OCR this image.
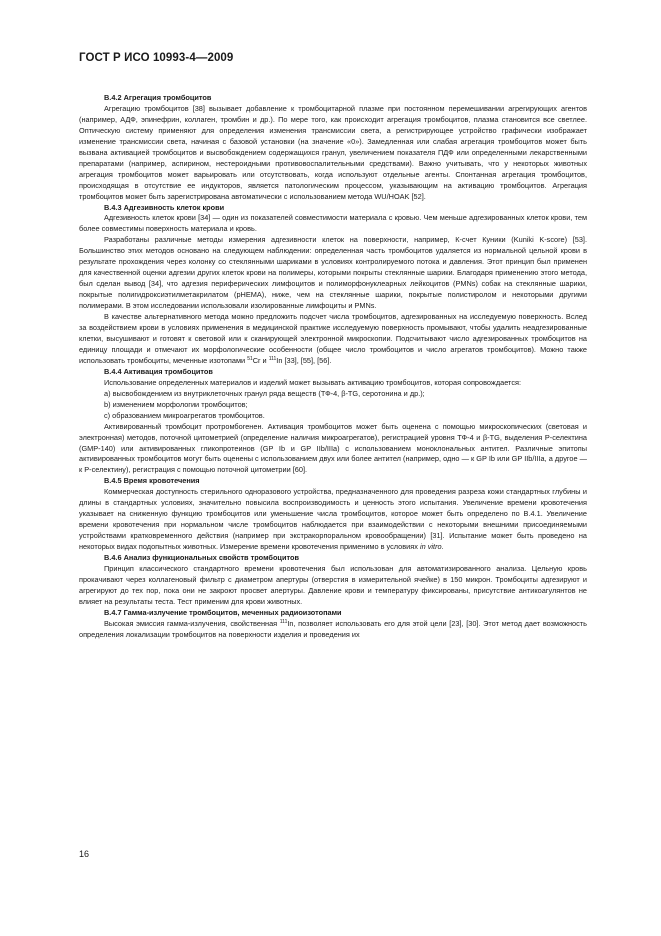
ГОСТ Р ИСО 10993-4—2009
В.4.2 Агрегация тромбоцитов

Агрегацию тромбоцитов [38] вызывает добавление к тромбоцитарной плазме при постоянном перемешивании агрегирующих агентов (например, АДФ, эпинефрин, коллаген, тромбин и др.). По мере того, как происходит агрегация тромбоцитов, плазма становится все светлее. Оптическую систему применяют для определения изменения трансмиссии света, а регистрирующее устройство графически изображает изменение трансмиссии света, начиная с базовой установки (на значение «0»). Замедленная или слабая агрегация тромбоцитов может быть вызвана активацией тромбоцитов и высвобождением содержащихся гранул, увеличением показателя ПДФ или определенными лекарственными препаратами (например, аспирином, нестероидными противовоспалительными средствами). Важно учитывать, что у некоторых животных агрегация тромбоцитов может варьировать или отсутствовать, когда используют отдельные агенты. Спонтанная агрегация тромбоцитов, происходящая в отсутствие ее индукторов, является патологическим процессом, указывающим на активацию тромбоцитов. Агрегация тромбоцитов может быть зарегистрирована автоматически с использованием метода WU/HOAK [52].

В.4.3 Адгезивность клеток крови

Адгезивность клеток крови [34] — один из показателей совместимости материала с кровью. Чем меньше адгезированных клеток крови, тем более совместимы поверхность материала и кровь.

Разработаны различные методы измерения адгезивности клеток на поверхности, например, К-счет Куники (Kuniki K-score) [53]. Большинство этих методов основано на следующем наблюдении: определенная часть тромбоцитов удаляется из нормальной цельной крови в результате прохождения через колонку со стеклянными шариками в условиях контролируемого потока и давления. Этот принцип был применен для качественной оценки адгезии других клеток крови на полимеры, которыми покрыты стеклянные шарики. Благодаря применению этого метода, был сделан вывод [34], что адгезия периферических лимфоцитов и полиморфонуклеарных лейкоцитов (PMNs) собак на стеклянные шарики, покрытые полигидроксиэтилметакрилатом (pHEMA), ниже, чем на стеклянные шарики, покрытые полистиролом и некоторыми другими полимерами. В этом исследовании использовали изолированные лимфоциты и PMNs.

В качестве альтернативного метода можно предложить подсчет числа тромбоцитов, адгезированных на исследуемую поверхность. Вслед за воздействием крови в условиях применения в медицинской практике исследуемую поверхность промывают, чтобы удалить неадгезированные клетки, высушивают и готовят к световой или к сканирующей электронной микроскопии. Подсчитывают число адгезированных тромбоцитов на единицу площади и отмечают их морфологические особенности (общее число тромбоцитов и число агрегатов тромбоцитов). Можно также использовать тромбоциты, меченные изотопами $^{51}$Cr и $^{111}$In [33], [55], [56].

В.4.4 Активация тромбоцитов

Использование определенных материалов и изделий может вызывать активацию тромбоцитов, которая сопровождается:

a) высвобождением из внутриклеточных гранул ряда веществ (ТФ-4, β-TG, серотонина и др.);

b) изменением морфологии тромбоцитов;

c) образованием микроагрегатов тромбоцитов.

Активированный тромбоцит протромбогенен. Активация тромбоцитов может быть оценена с помощью микроскопических (световая и электронная) методов, поточной цитометрией (определение наличия микроагрегатов), регистрацией уровня ТФ-4 и β-TG, выделения Р-селектина (GMP-140) или активированных гликопротеинов (GP Ib и GP IIb/IIIa) с использованием моноклональных антител. Различные эпитопы активированных тромбоцитов могут быть оценены с использованием двух или более антител (например, одно — к GP Ib или GP IIb/IIIa, а другое — к Р-селектину), регистрация с помощью поточной цитометрии [60].

В.4.5 Время кровотечения

Коммерческая доступность стерильного одноразового устройства, предназначенного для проведения разреза кожи стандартных глубины и длины в стандартных условиях, значительно повысила воспроизводимость и ценность этого испытания. Увеличение времени кровотечения указывает на сниженную функцию тромбоцитов или уменьшение числа тромбоцитов, которое может быть определено по В.4.1. Увеличение времени кровотечения при нормальном числе тромбоцитов наблюдается при взаимодействии с некоторыми внешними присоединяемыми устройствами кратковременного действия (например при экстракорпоральном кровообращении) [31]. Испытание может быть проведено на некоторых видах подопытных животных. Измерение времени кровотечения применимо в условиях in vitro.

В.4.6 Анализ функциональных свойств тромбоцитов

Принцип классического стандартного времени кровотечения был использован для автоматизированного анализа. Цельную кровь прокачивают через коллагеновый фильтр с диаметром апертуры (отверстия в измерительной ячейке) в 150 микрон. Тромбоциты адгезируют и агрегируют до тех пор, пока они не закроют просвет апертуры. Давление крови и температуру фиксированы, присутствие антикоагулянтов не влияет на результаты теста. Тест применим для крови животных.

В.4.7 Гамма-излучение тромбоцитов, меченных радиоизотопами

Высокая эмиссия гамма-излучения, свойственная $^{111}$In, позволяет использовать его для этой цели [23], [30]. Этот метод дает возможность определения локализации тромбоцитов на поверхности изделия и проведения их

16
